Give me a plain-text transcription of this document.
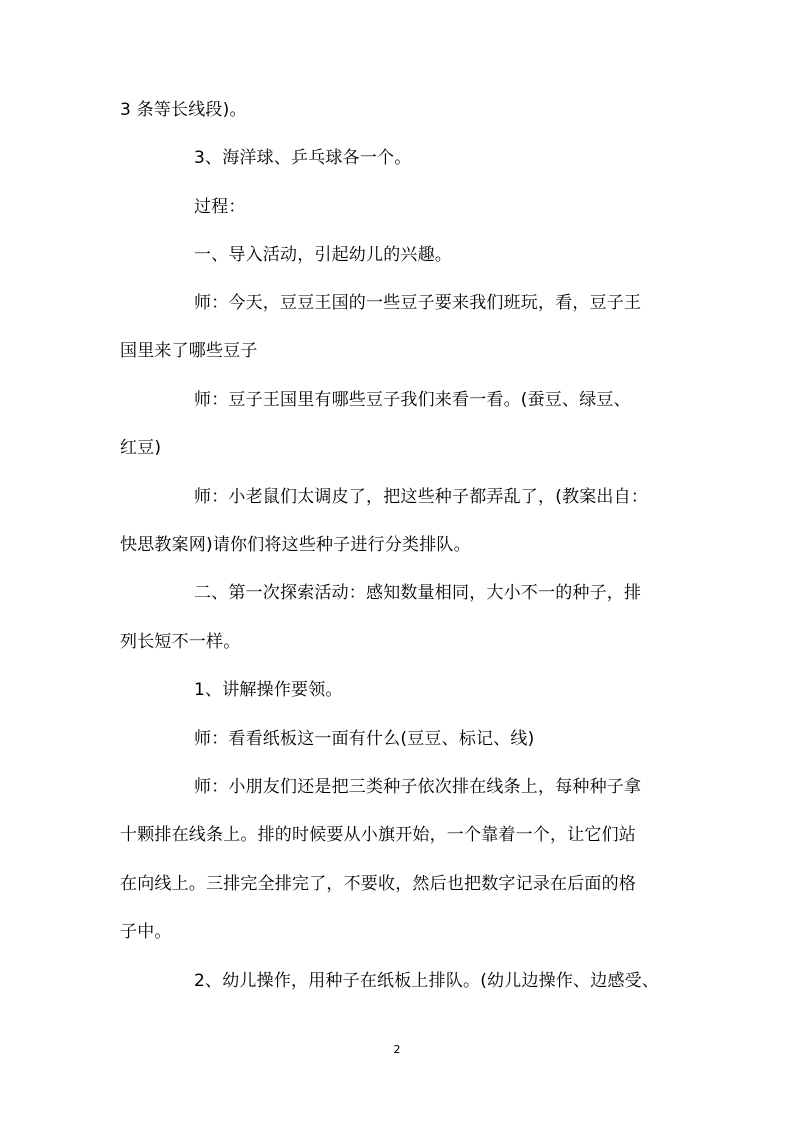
3 条等长线段)。
3、海洋球、乒乓球各一个。
过程：
一、导入活动，引起幼儿的兴趣。
师：今天，豆豆王国的一些豆子要来我们班玩，看，豆子王
国里来了哪些豆子
师：豆子王国里有哪些豆子我们来看一看。(蚕豆、绿豆、
红豆)
师：小老鼠们太调皮了，把这些种子都弄乱了，(教案出自：
快思教案网)请你们将这些种子进行分类排队。
二、第一次探索活动：感知数量相同，大小不一的种子，排
列长短不一样。
1、讲解操作要领。
师：看看纸板这一面有什么(豆豆、标记、线)
师：小朋友们还是把三类种子依次排在线条上，每种种子拿
十颗排在线条上。排的时候要从小旗开始，一个靠着一个，让它们站
在向线上。三排完全排完了，不要收，然后也把数字记录在后面的格
子中。
2、幼儿操作，用种子在纸板上排队。(幼儿边操作、边感受、
2
